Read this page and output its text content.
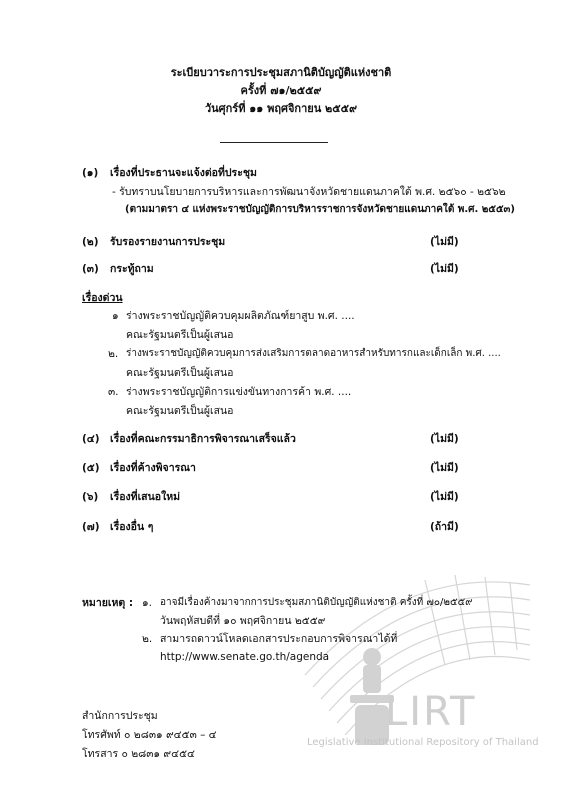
ระเบียบวาระการประชุมสภานิติบัญญัติแห่งชาติ
ครั้งที่ ๗๑/๒๕๕๙
วันศุกร์ที่ ๑๑ พฤศจิกายน ๒๕๕๙
(๑) เรื่องที่ประธานจะแจ้งต่อที่ประชุม
- รับทราบนโยบายการบริหารและการพัฒนาจังหวัดชายแดนภาคใต้ พ.ศ. ๒๕๖๐ - ๒๕๖๒
(ตามมาตรา ๔ แห่งพระราชบัญญัติการบริหารราชการจังหวัดชายแดนภาคใต้ พ.ศ. ๒๕๕๓)
(๒) รับรองรายงานการประชุม	(ไม่มี)
(๓) กระทู้ถาม	(ไม่มี)
เรื่องด่วน
๑ ร่างพระราชบัญญัติควบคุมผลิตภัณฑ์ยาสูบ พ.ศ. ....
คณะรัฐมนตรีเป็นผู้เสนอ
๒. ร่างพระราชบัญญัติควบคุมการส่งเสริมการตลาดอาหารสำหรับทารกและเด็กเล็ก พ.ศ. ....
คณะรัฐมนตรีเป็นผู้เสนอ
๓. ร่างพระราชบัญญัติการแข่งขันทางการค้า พ.ศ. ....
คณะรัฐมนตรีเป็นผู้เสนอ
(๔) เรื่องที่คณะกรรมาธิการพิจารณาเสร็จแล้ว	(ไม่มี)
(๕) เรื่องที่ค้างพิจารณา	(ไม่มี)
(๖) เรื่องที่เสนอใหม่	(ไม่มี)
(๗) เรื่องอื่น ๆ	(ถ้ามี)
LIRT
Legislative Institutional Repository of Thailand
หมายเหตุ : ๑. อาจมีเรื่องค้างมาจากการประชุมสภานิติบัญญัติแห่งชาติ ครั้งที่ ๗๐/๒๕๕๙
วันพฤหัสบดีที่ ๑๐ พฤศจิกายน ๒๕๕๙
๒. สามารถดาวน์โหลดเอกสารประกอบการพิจารณาได้ที่
http://www.senate.go.th/agenda
สำนักการประชุม
โทรศัพท์ ๐ ๒๘๓๑ ๙๔๕๓ – ๔
โทรสาร ๐ ๒๘๓๑ ๙๔๕๔
